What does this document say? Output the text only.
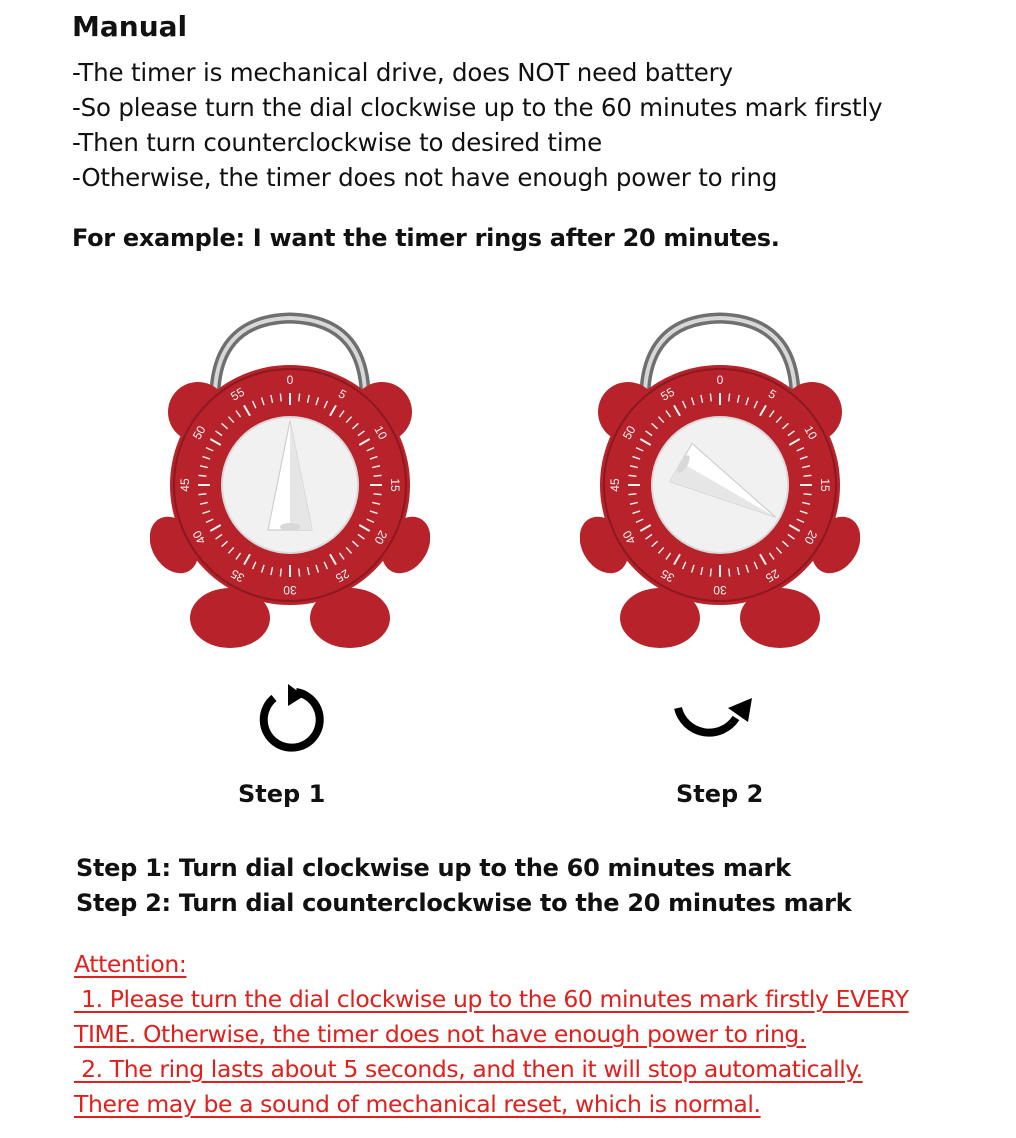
Manual
-The timer is mechanical drive, does NOT need battery
-So please turn the dial clockwise up to the 60 minutes mark firstly
-Then turn counterclockwise to desired time
-Otherwise, the timer does not have enough power to ring
For example: I want the timer rings after 20 minutes.
0
5
10
15
20
25
30
35
40
45
50
55
0
5
10
15
20
25
30
35
40
45
50
55
Step 1	Step 2
Step 1: Turn dial clockwise up to the 60 minutes mark
Step 2: Turn dial counterclockwise to the 20 minutes mark
Attention:
1. Please turn the dial clockwise up to the 60 minutes mark firstly EVERY
TIME. Otherwise, the timer does not have enough power to ring.
2. The ring lasts about 5 seconds, and then it will stop automatically.
There may be a sound of mechanical reset, which is normal.
